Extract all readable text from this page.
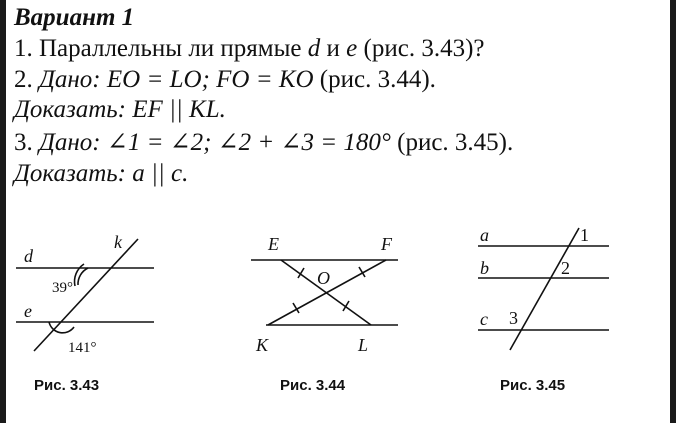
Вариант 1
1. Параллельны ли прямые d и e (рис. 3.43)?
2. Дано: EO = LO; FO = KO (рис. 3.44).
Доказать: EF || KL.
3. Дано: ∠1 = ∠2; ∠2 + ∠3 = 180° (рис. 3.45).
Доказать: a || c.
d
e
k
39°
141°
Рис. 3.43
E	F
O
K	L
Рис. 3.44
a
b
c
1
2
3
Рис. 3.45
